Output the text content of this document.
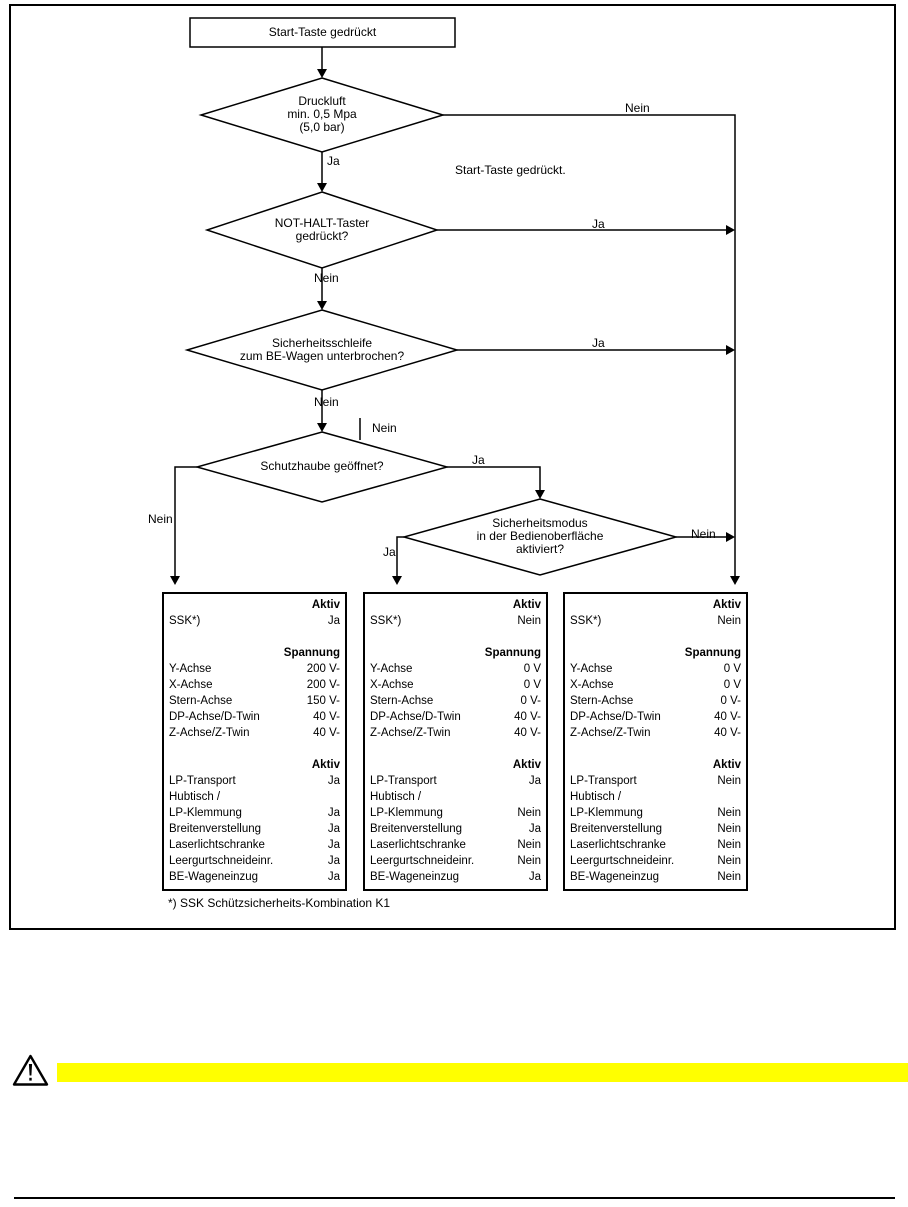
Start-Taste gedrückt
Druckluft
min. 0,5 Mpa
(5,0 bar)
NOT-HALT-Taster
gedrückt?
Sicherheitsschleife
zum BE-Wagen unterbrochen?
Schutzhaube geöffnet?
Sicherheitsmodus
in der Bedienoberfläche
aktiviert?
Nein
Ja
Start-Taste gedrückt.
Ja
Nein
Ja
Nein
Nein
Nein
Ja
Ja
Nein
Aktiv
SSK*)	Ja
Spannung
Y-Achse	200 V-
X-Achse	200 V-
Stern-Achse	150 V-
DP-Achse/D-Twin	40 V-
Z-Achse/Z-Twin	40 V-
Aktiv
LP-Transport	Ja
Hubtisch /
LP-Klemmung	Ja
Breitenverstellung	Ja
Laserlichtschranke	Ja
Leergurtschneideinr.	Ja
BE-Wageneinzug	Ja
Aktiv
SSK*)	Nein
Spannung
Y-Achse	0 V
X-Achse	0 V
Stern-Achse	0 V-
DP-Achse/D-Twin	40 V-
Z-Achse/Z-Twin	40 V-
Aktiv
LP-Transport	Ja
Hubtisch /
LP-Klemmung	Nein
Breitenverstellung	Ja
Laserlichtschranke	Nein
Leergurtschneideinr.	Nein
BE-Wageneinzug	Ja
Aktiv
SSK*)	Nein
Spannung
Y-Achse	0 V
X-Achse	0 V
Stern-Achse	0 V-
DP-Achse/D-Twin	40 V-
Z-Achse/Z-Twin	40 V-
Aktiv
LP-Transport	Nein
Hubtisch /
LP-Klemmung	Nein
Breitenverstellung	Nein
Laserlichtschranke	Nein
Leergurtschneideinr.	Nein
BE-Wageneinzug	Nein
*) SSK Schützsicherheits-Kombination K1
